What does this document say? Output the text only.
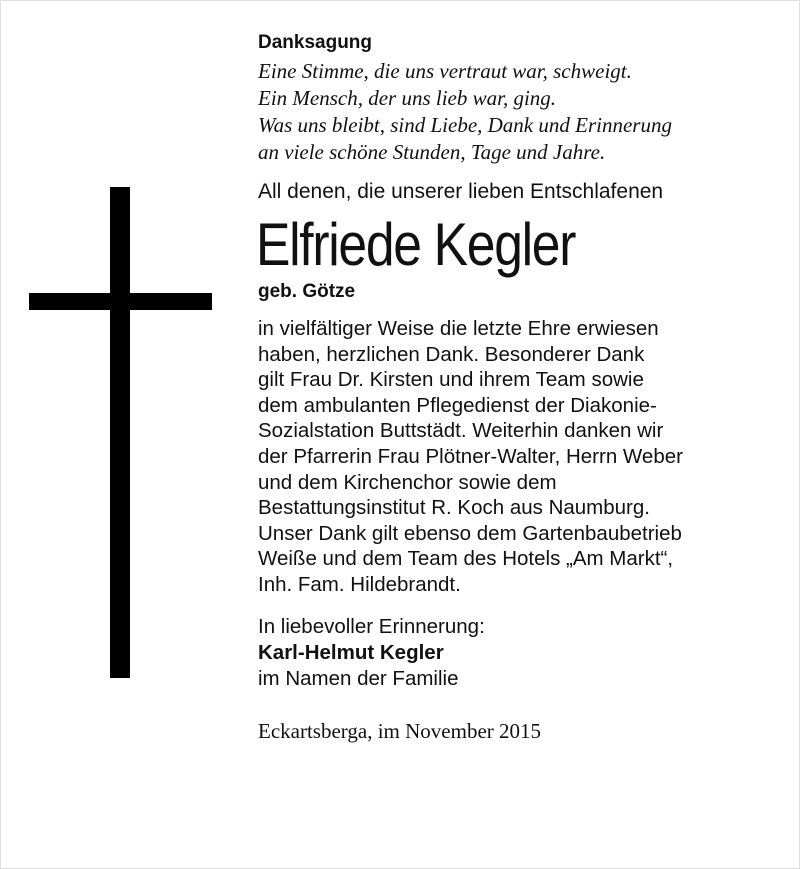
Danksagung
Eine Stimme, die uns vertraut war, schweigt.
Ein Mensch, der uns lieb war, ging.
Was uns bleibt, sind Liebe, Dank und Erinnerung
an viele schöne Stunden, Tage und Jahre.
All denen, die unserer lieben Entschlafenen
Elfriede Kegler
geb. Götze

in vielfältiger Weise die letzte Ehre erwiesen

haben, herzlichen Dank. Besonderer Dank

gilt Frau Dr. Kirsten und ihrem Team sowie

dem ambulanten Pflegedienst der Diakonie-

Sozialstation Buttstädt. Weiterhin danken wir

der Pfarrerin Frau Plötner-Walter, Herrn Weber

und dem Kirchenchor sowie dem

Bestattungsinstitut R. Koch aus Naumburg.

Unser Dank gilt ebenso dem Gartenbaubetrieb

Weiße und dem Team des Hotels „Am Markt“,

Inh. Fam. Hildebrandt.

In liebevoller Erinnerung:
Karl-Helmut Kegler
im Namen der Familie
Eckartsberga, im November 2015
